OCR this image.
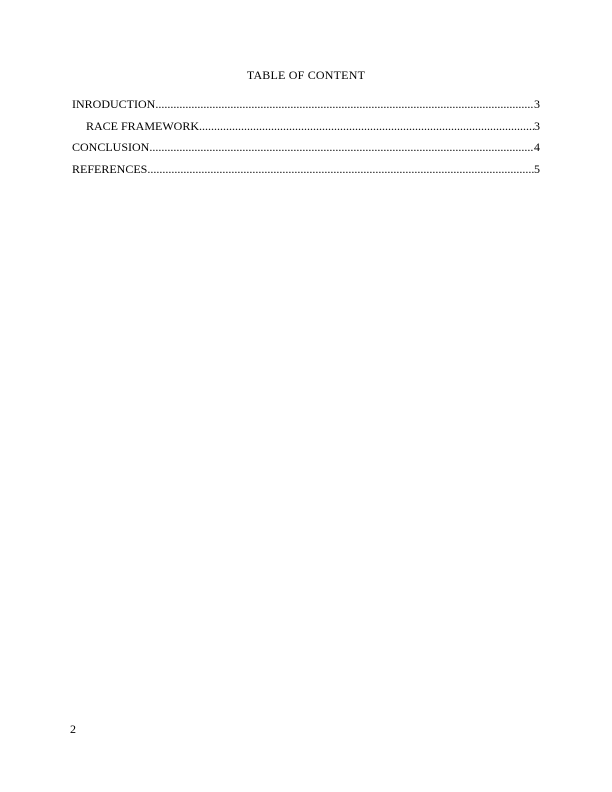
TABLE OF CONTENT
INRODUCTION .....	3
RACE FRAMEWORK .....	3
CONCLUSION .....	4
REFERENCES .....	5
2
